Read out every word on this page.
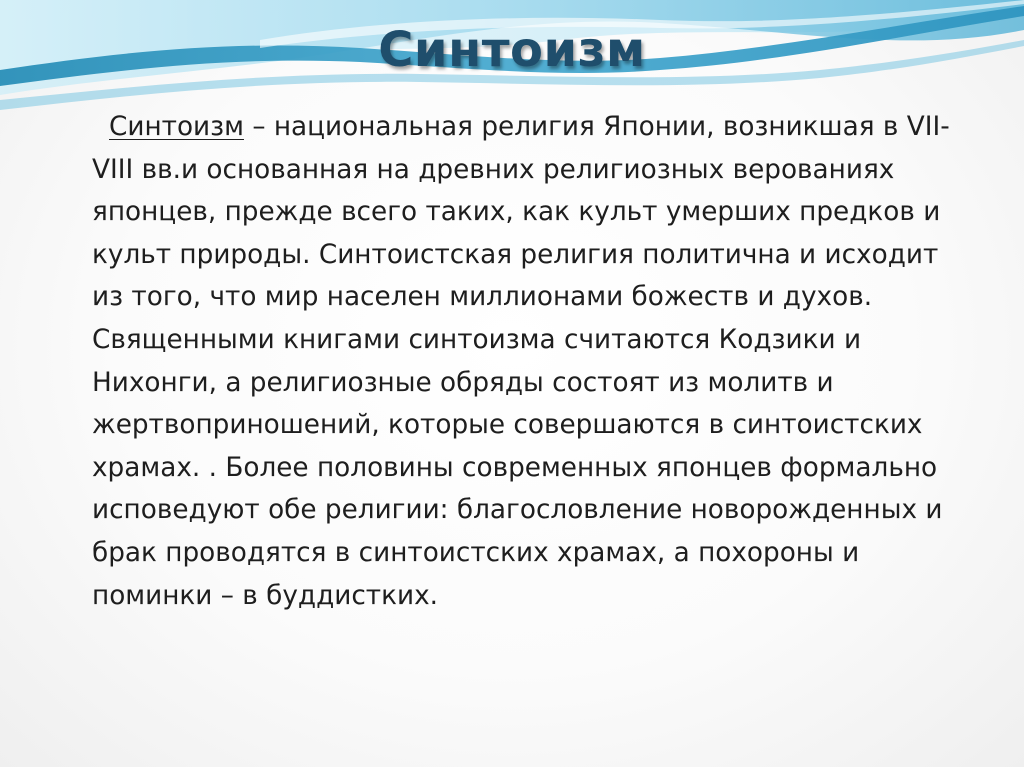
Синтоизм

Синтоизм – национальная религия Японии, возникшая в VII- VIII вв.и основанная на древних религиозных верованиях японцев, прежде всего таких, как культ умерших предков и культ природы. Синтоистская религия политична и исходит из того, что мир населен миллионами божеств и духов. Священными книгами синтоизма считаются Кодзики и Нихонги, а религиозные обряды состоят из молитв и жертвоприношений, которые совершаются в синтоистских храмах. . Более половины современных японцев формально исповедуют обе религии: благословление новорожденных и брак проводятся в синтоистских храмах, а похороны и поминки – в буддистких.
